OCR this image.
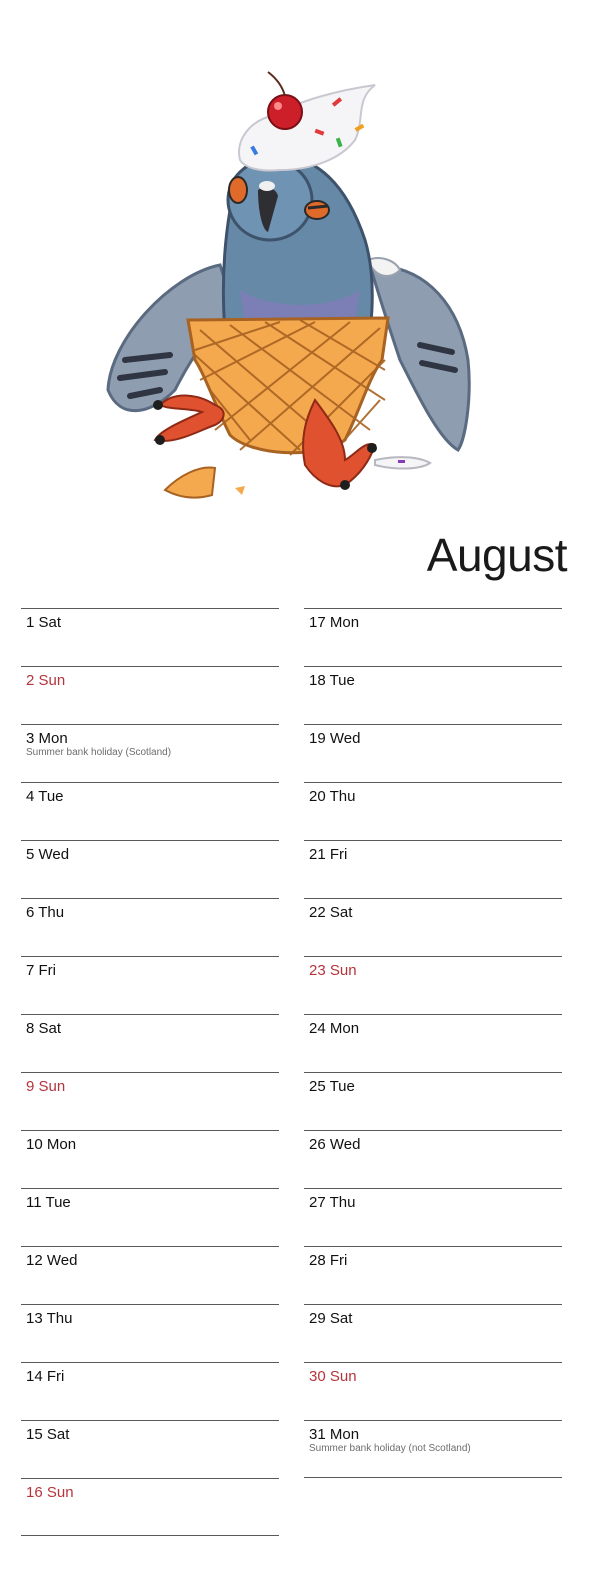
August
1 Sat
2 Sun
3 Mon
Summer bank holiday (Scotland)
4 Tue
5 Wed
6 Thu
7 Fri
8 Sat
9 Sun
10 Mon
11 Tue
12 Wed
13 Thu
14 Fri
15 Sat
16 Sun
17 Mon
18 Tue
19 Wed
20 Thu
21 Fri
22 Sat
23 Sun
24 Mon
25 Tue
26 Wed
27 Thu
28 Fri
29 Sat
30 Sun
31 Mon
Summer bank holiday (not Scotland)
